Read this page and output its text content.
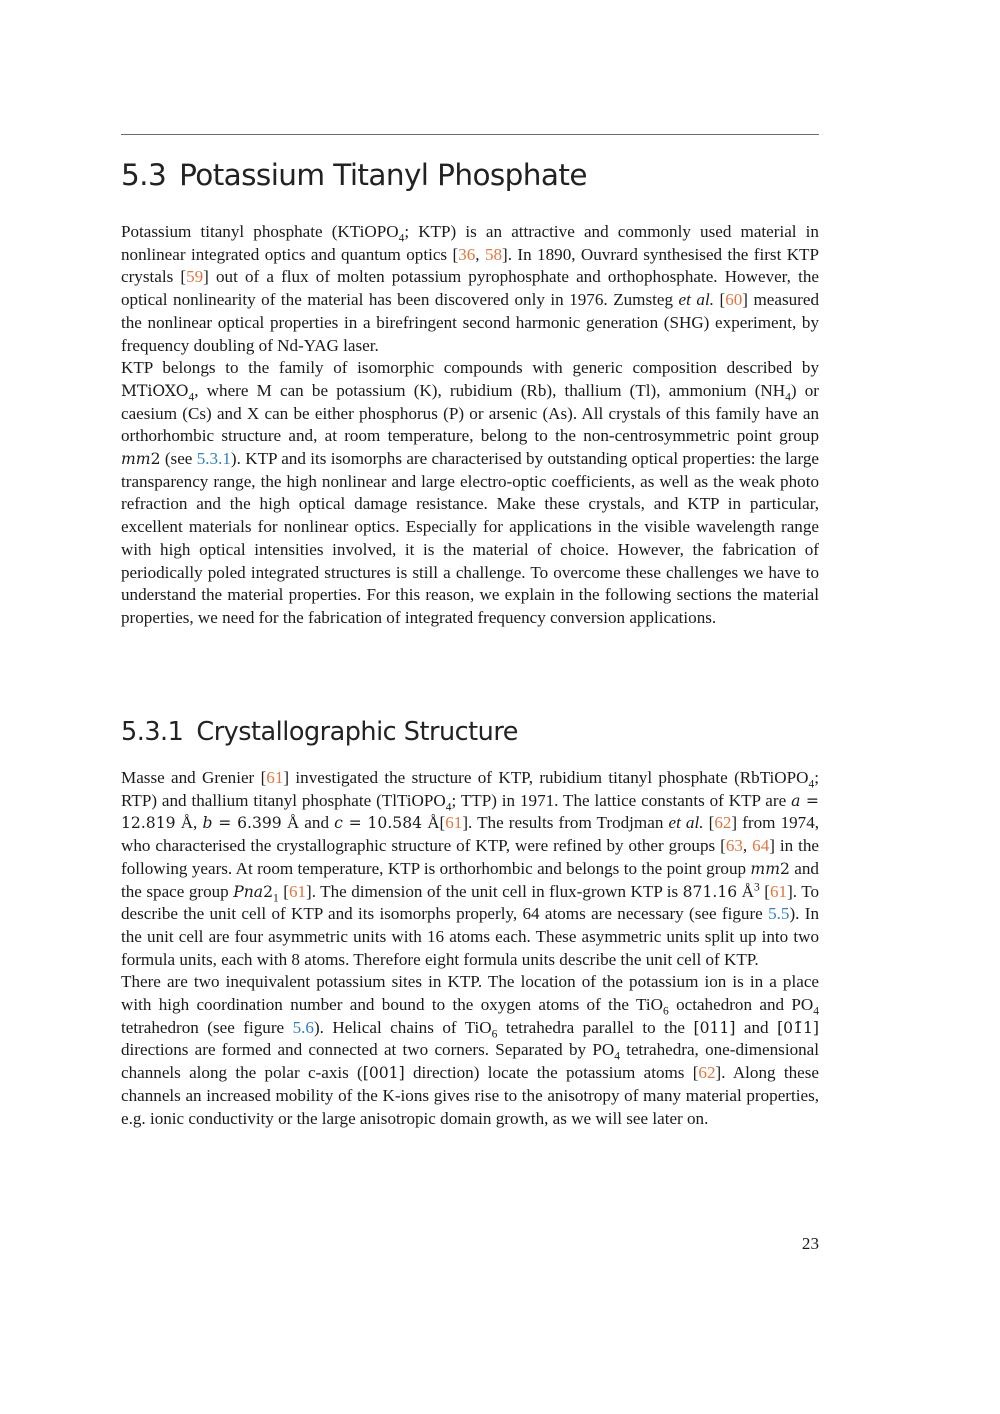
5.3 Potassium Titanyl Phosphate

Potassium titanyl phosphate (KTiOPO$_4$; KTP) is an attractive and commonly used material in nonlinear integrated optics and quantum optics [36, 58]. In 1890, Ouvrard synthesised the first KTP crystals [59] out of a flux of molten potassium pyrophosphate and orthophosphate. However, the optical nonlinearity of the material has been discovered only in 1976. Zumsteg et al. [60] measured the nonlinear optical properties in a birefringent second harmonic generation (SHG) experiment, by frequency doubling of Nd-YAG laser.

KTP belongs to the family of isomorphic compounds with generic composition described by MTiOXO$_4$, where M can be potassium (K), rubidium (Rb), thallium (Tl), ammonium $(NH_4)$ or caesium (Cs) and X can be either phosphorus (P) or arsenic (As). All crystals of this family have an orthorhombic structure and, at room temperature, belong to the non-centrosymmetric point group mm2 (see 5.3.1). KTP and its isomorphs are characterised by outstanding optical properties: the large transparency range, the high nonlinear and large electro-optic coefficients, as well as the weak photo refraction and the high optical damage resistance. Make these crystals, and KTP in particular, excellent materials for nonlinear optics. Especially for applications in the visible wavelength range with high optical intensities involved, it is the material of choice. However, the fabrication of periodically poled integrated structures is still a challenge. To overcome these challenges we have to understand the material properties. For this reason, we explain in the following sections the material properties, we need for the fabrication of integrated frequency conversion applications.

5.3.1 Crystallographic Structure

Masse and Grenier [61] investigated the structure of KTP, rubidium titanyl phosphate (RbTiOPO$_4$; RTP) and thallium titanyl phosphate (TlTiOPO$_4$; TTP) in 1971. The lattice constants of KTP are a = 12.819 Å, b = 6.399 Å and c = 10.584 Å[61]. The results from Trodjman et al. [62] from 1974, who characterised the crystallographic structure of KTP, were refined by other groups [63, 64] in the following years. At room temperature, KTP is orthorhombic and belongs to the point group mm2 and the space group $Pna2_1$ [61]. The dimension of the unit cell in flux-grown KTP is 871.16 $Å^3$ [61]. To describe the unit cell of KTP and its isomorphs properly, 64 atoms are necessary (see figure 5.5). In the unit cell are four asymmetric units with 16 atoms each. These asymmetric units split up into two formula units, each with 8 atoms. Therefore eight formula units describe the unit cell of KTP.

There are two inequivalent potassium sites in KTP. The location of the potassium ion is in a place with high coordination number and bound to the oxygen atoms of the TiO$_6$ octahedron and $PO_4$ tetrahedron (see figure 5.6). Helical chains of TiO$_6$ tetrahedra parallel to the [011] and [01̄1] directions are formed and connected at two corners. Separated by $PO_4$ tetrahedra, one-dimensional channels along the polar c-axis ([001] direction) locate the potassium atoms [62]. Along these channels an increased mobility of the K-ions gives rise to the anisotropy of many material properties, e.g. ionic conductivity or the large anisotropic domain growth, as we will see later on.

23
